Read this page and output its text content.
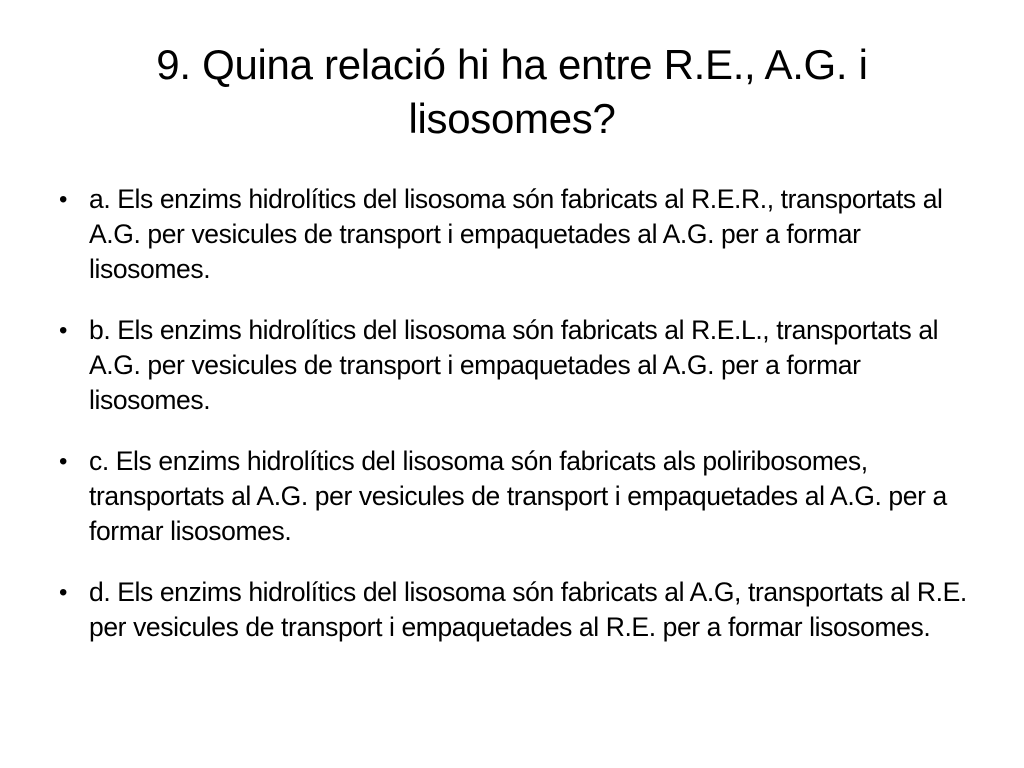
9. Quina relació hi ha entre R.E., A.G. i lisosomes?
• a. Els enzims hidrolítics del lisosoma són fabricats al R.E.R., transportats al A.G. per vesicules de transport i empaquetades al A.G. per a formar lisosomes.
• b. Els enzims hidrolítics del lisosoma són fabricats al R.E.L., transportats al A.G. per vesicules de transport i empaquetades al A.G. per a formar lisosomes.
• c. Els enzims hidrolítics del lisosoma són fabricats als poliribosomes, transportats al A.G. per vesicules de transport i empaquetades al A.G. per a formar lisosomes.
• d. Els enzims hidrolítics del lisosoma són fabricats al A.G, transportats al R.E. per vesicules de transport i empaquetades al R.E. per a formar lisosomes.
